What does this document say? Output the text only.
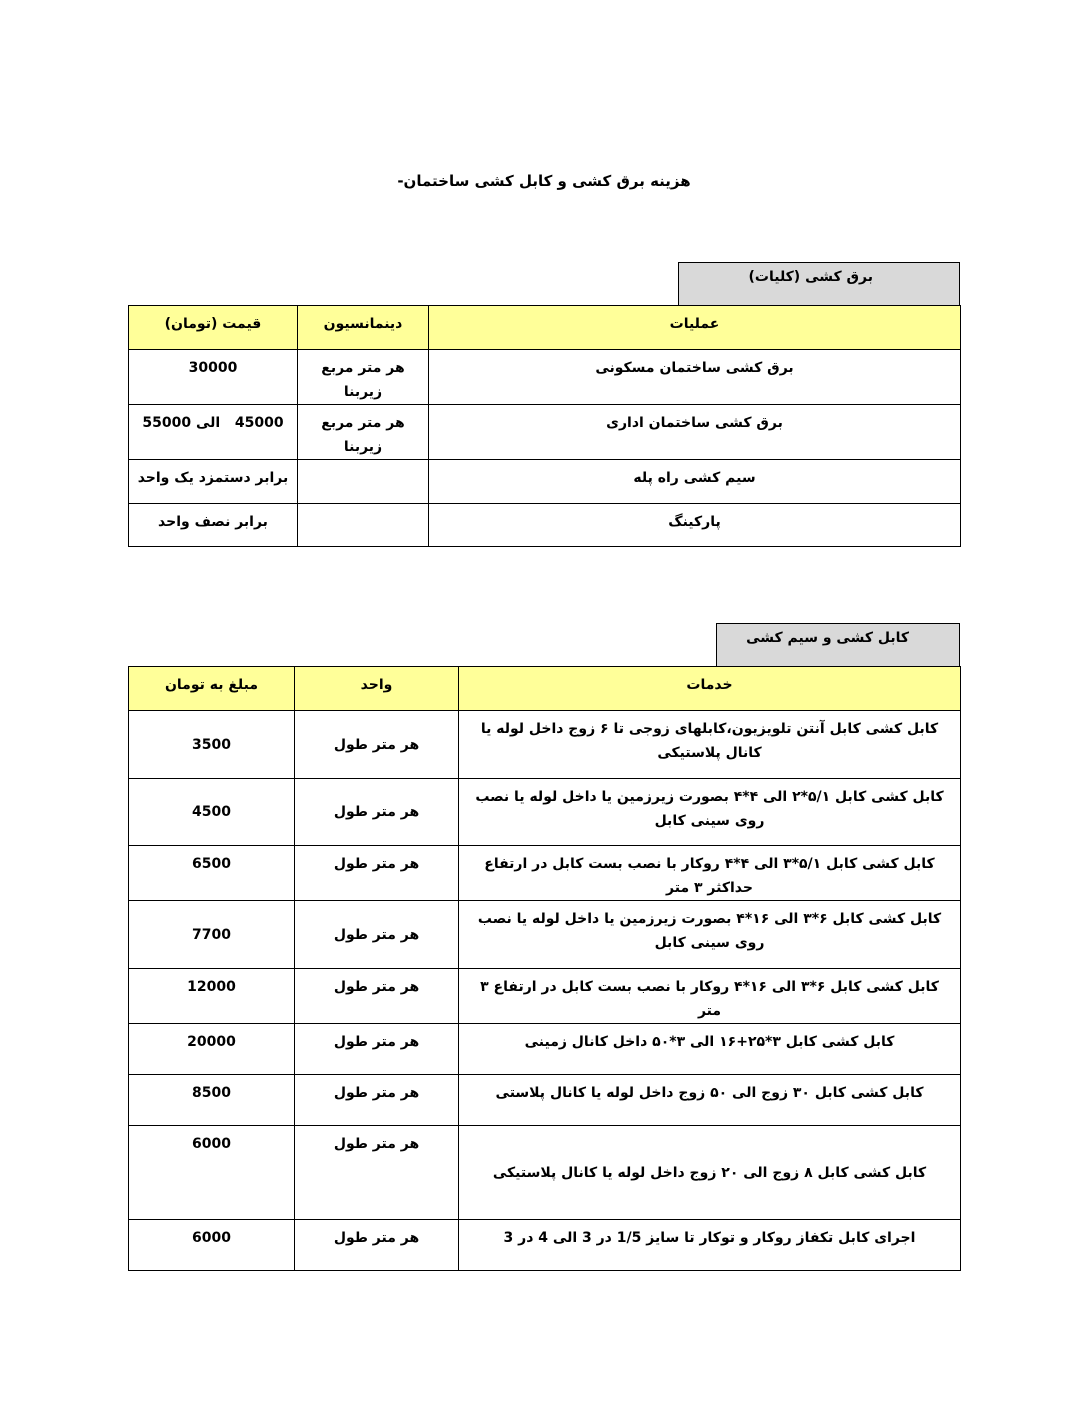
هزینه برق کشی و کابل کشی ساختمان-
برق کشی (کلیات)
عملیات	دینمانسیون	قیمت (تومان)
برق کشی ساختمان مسکونی	هر متر مربع زیربنا	30000
برق کشی ساختمان اداری	هر متر مربع زیربنا	45000   الی 55000
سیم کشی راه پله		برابر دستمزد یک واحد
پارکینگ		برابر نصف واحد
کابل کشی و سیم کشی
خدمات	واحد	مبلغ به تومان
کابل کشی کابل آنتن تلویزیون،کابلهای زوجی تا ۶ زوج داخل لوله یا کانال پلاستیکی	هر متر طول	3500
کابل کشی کابل ۵/۱*۲ الی ۴*۴ بصورت زیرزمین یا داخل لوله یا نصب روی سینی کابل	هر متر طول	4500
کابل کشی کابل ۵/۱*۳ الی ۴*۴ روکار با نصب بست کابل در ارتفاع حداکثر ۳ متر	هر متر طول	6500
کابل کشی کابل ۶*۳ الی ۱۶*۴ بصورت زیرزمین یا داخل لوله یا نصب روی سینی کابل	هر متر طول	7700
کابل کشی کابل ۶*۳ الی ۱۶*۴ روکار با نصب بست کابل در ارتفاع ۳ متر	هر متر طول	12000
کابل کشی کابل ۳*۲۵+۱۶ الی ۳*۵۰ داخل کانال زمینی	هر متر طول	20000
کابل کشی کابل ۳۰ زوج الی ۵۰ زوج داخل لوله یا کانال پلاستی	هر متر طول	8500
کابل کشی کابل ۸ زوج الی ۲۰ زوج داخل لوله یا کانال پلاستیکی	هر متر طول	6000
اجرای کابل تکفاز روکار و توکار تا سایز 1/5 در 3 الی 4 در 3	هر متر طول	6000
